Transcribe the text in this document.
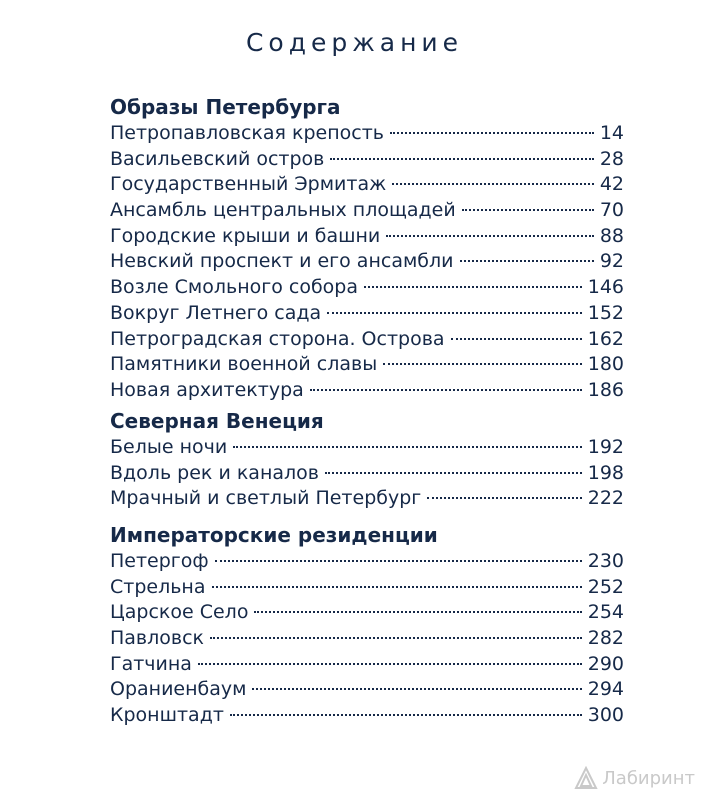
Содержание
Образы Петербурга
Петропавловская крепость	14
Васильевский остров	28
Государственный Эрмитаж	42
Ансамбль центральных площадей	70
Городские крыши и башни	88
Невский проспект и его ансамбли	92
Возле Смольного собора	146
Вокруг Летнего сада	152
Петроградская сторона. Острова	162
Памятники военной славы	180
Новая архитектура	186
Северная Венеция
Белые ночи	192
Вдоль рек и каналов	198
Мрачный и светлый Петербург	222
Императорские резиденции
Петергоф	230
Стрельна	252
Царское Село	254
Павловск	282
Гатчина	290
Ораниенбаум	294
Кронштадт	300
Лабиринт
